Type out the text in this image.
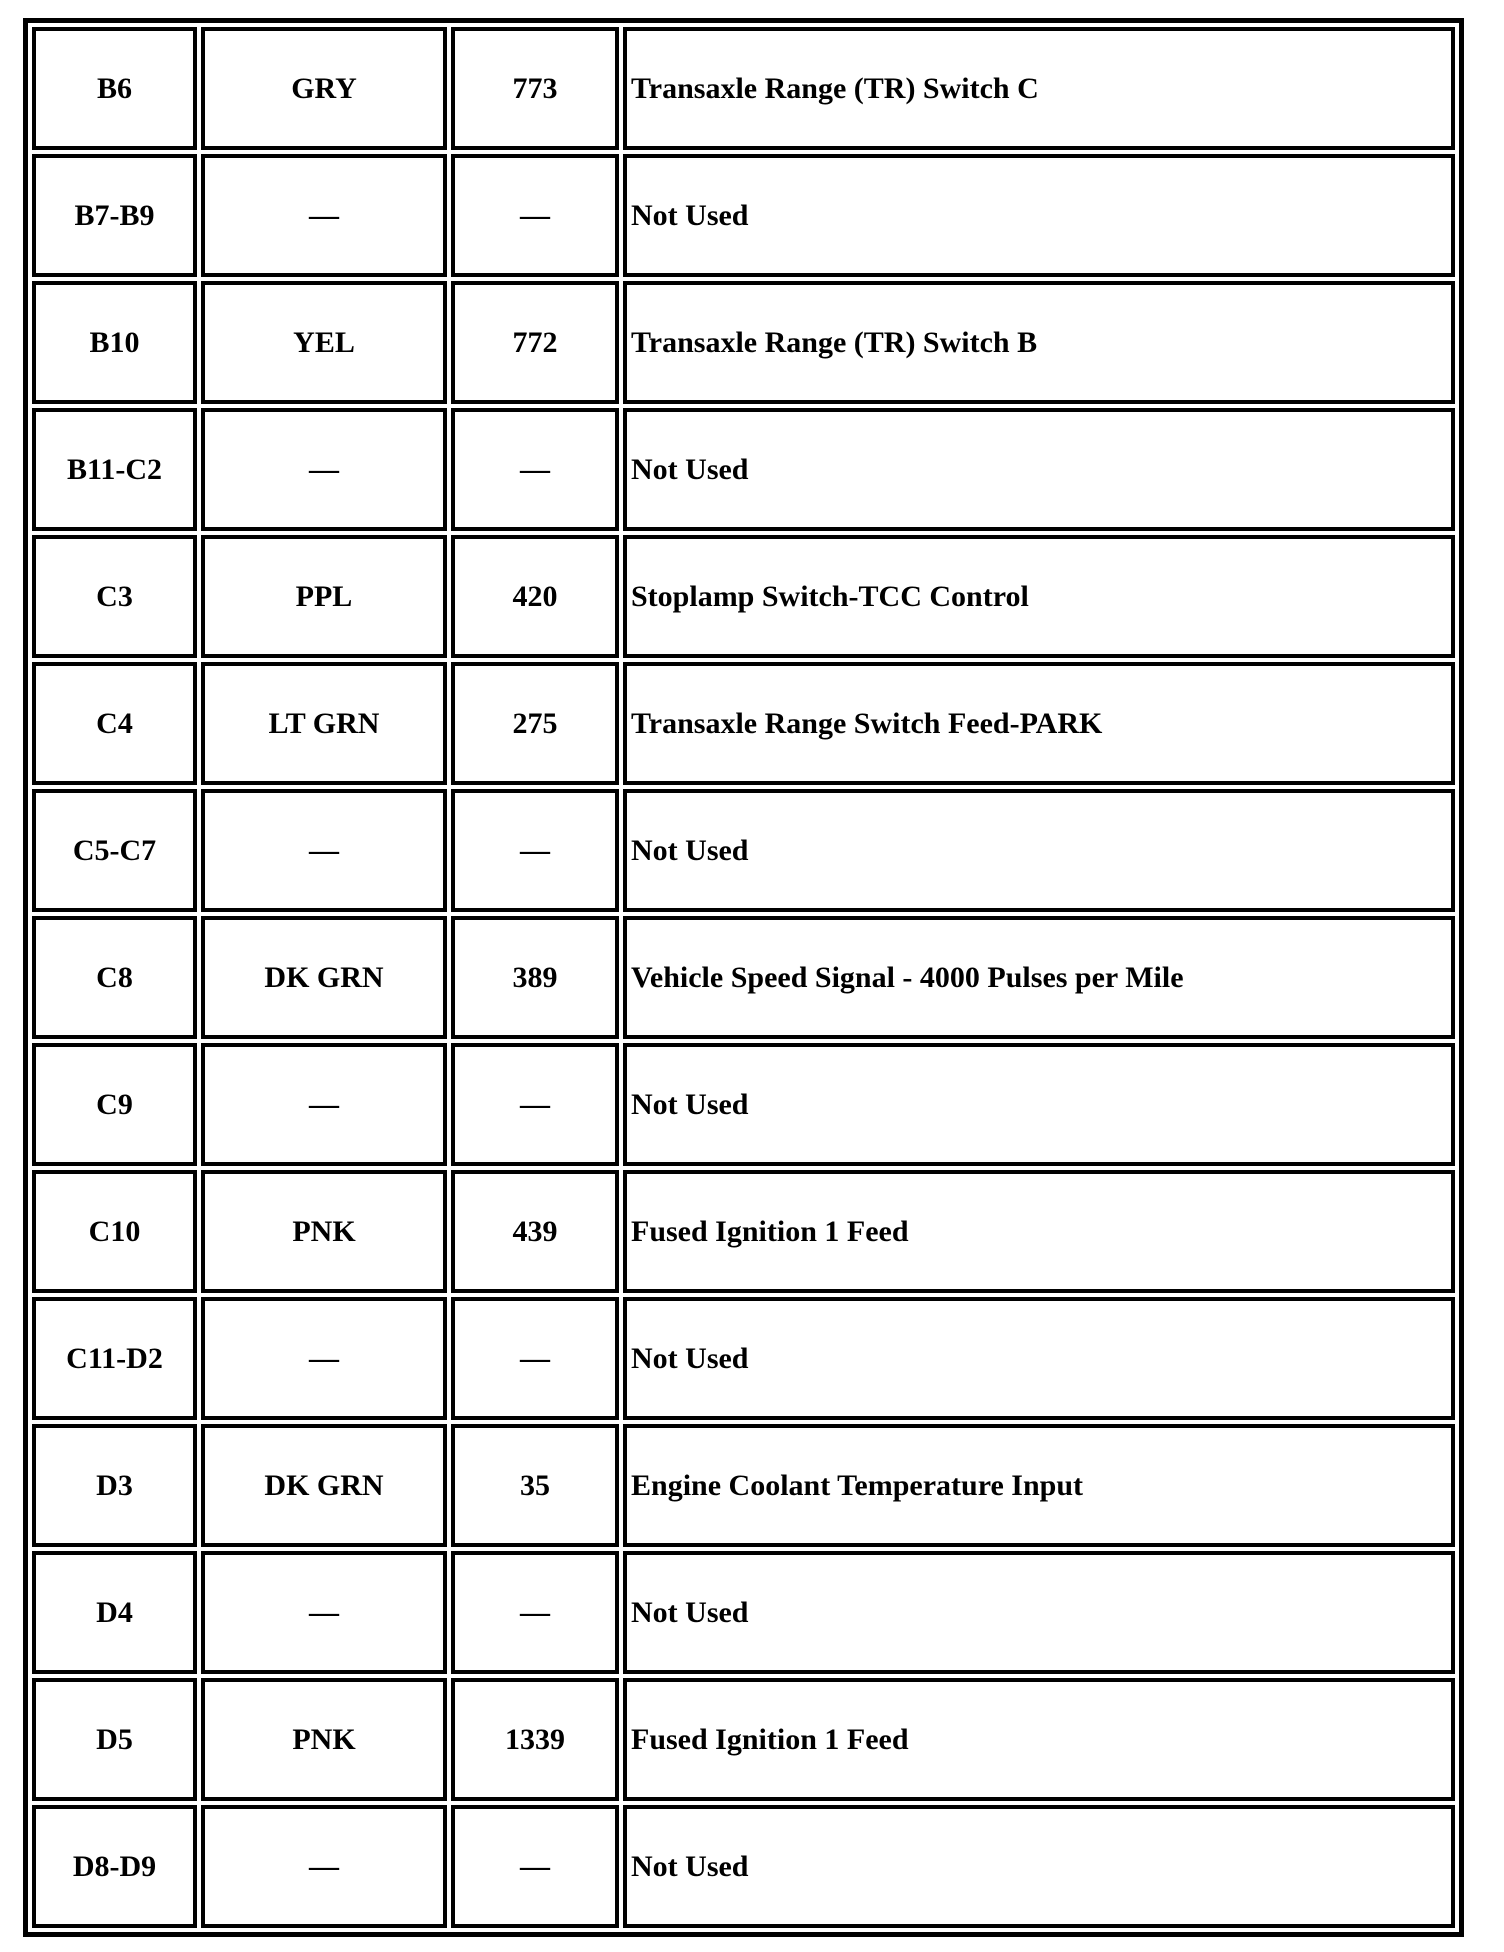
B6	GRY	773	Transaxle Range (TR) Switch C
B7-B9	—	—	Not Used
B10	YEL	772	Transaxle Range (TR) Switch B
B11-C2	—	—	Not Used
C3	PPL	420	Stoplamp Switch-TCC Control
C4	LT GRN	275	Transaxle Range Switch Feed-PARK
C5-C7	—	—	Not Used
C8	DK GRN	389	Vehicle Speed Signal - 4000 Pulses per Mile
C9	—	—	Not Used
C10	PNK	439	Fused Ignition 1 Feed
C11-D2	—	—	Not Used
D3	DK GRN	35	Engine Coolant Temperature Input
D4	—	—	Not Used
D5	PNK	1339	Fused Ignition 1 Feed
D8-D9	—	—	Not Used
